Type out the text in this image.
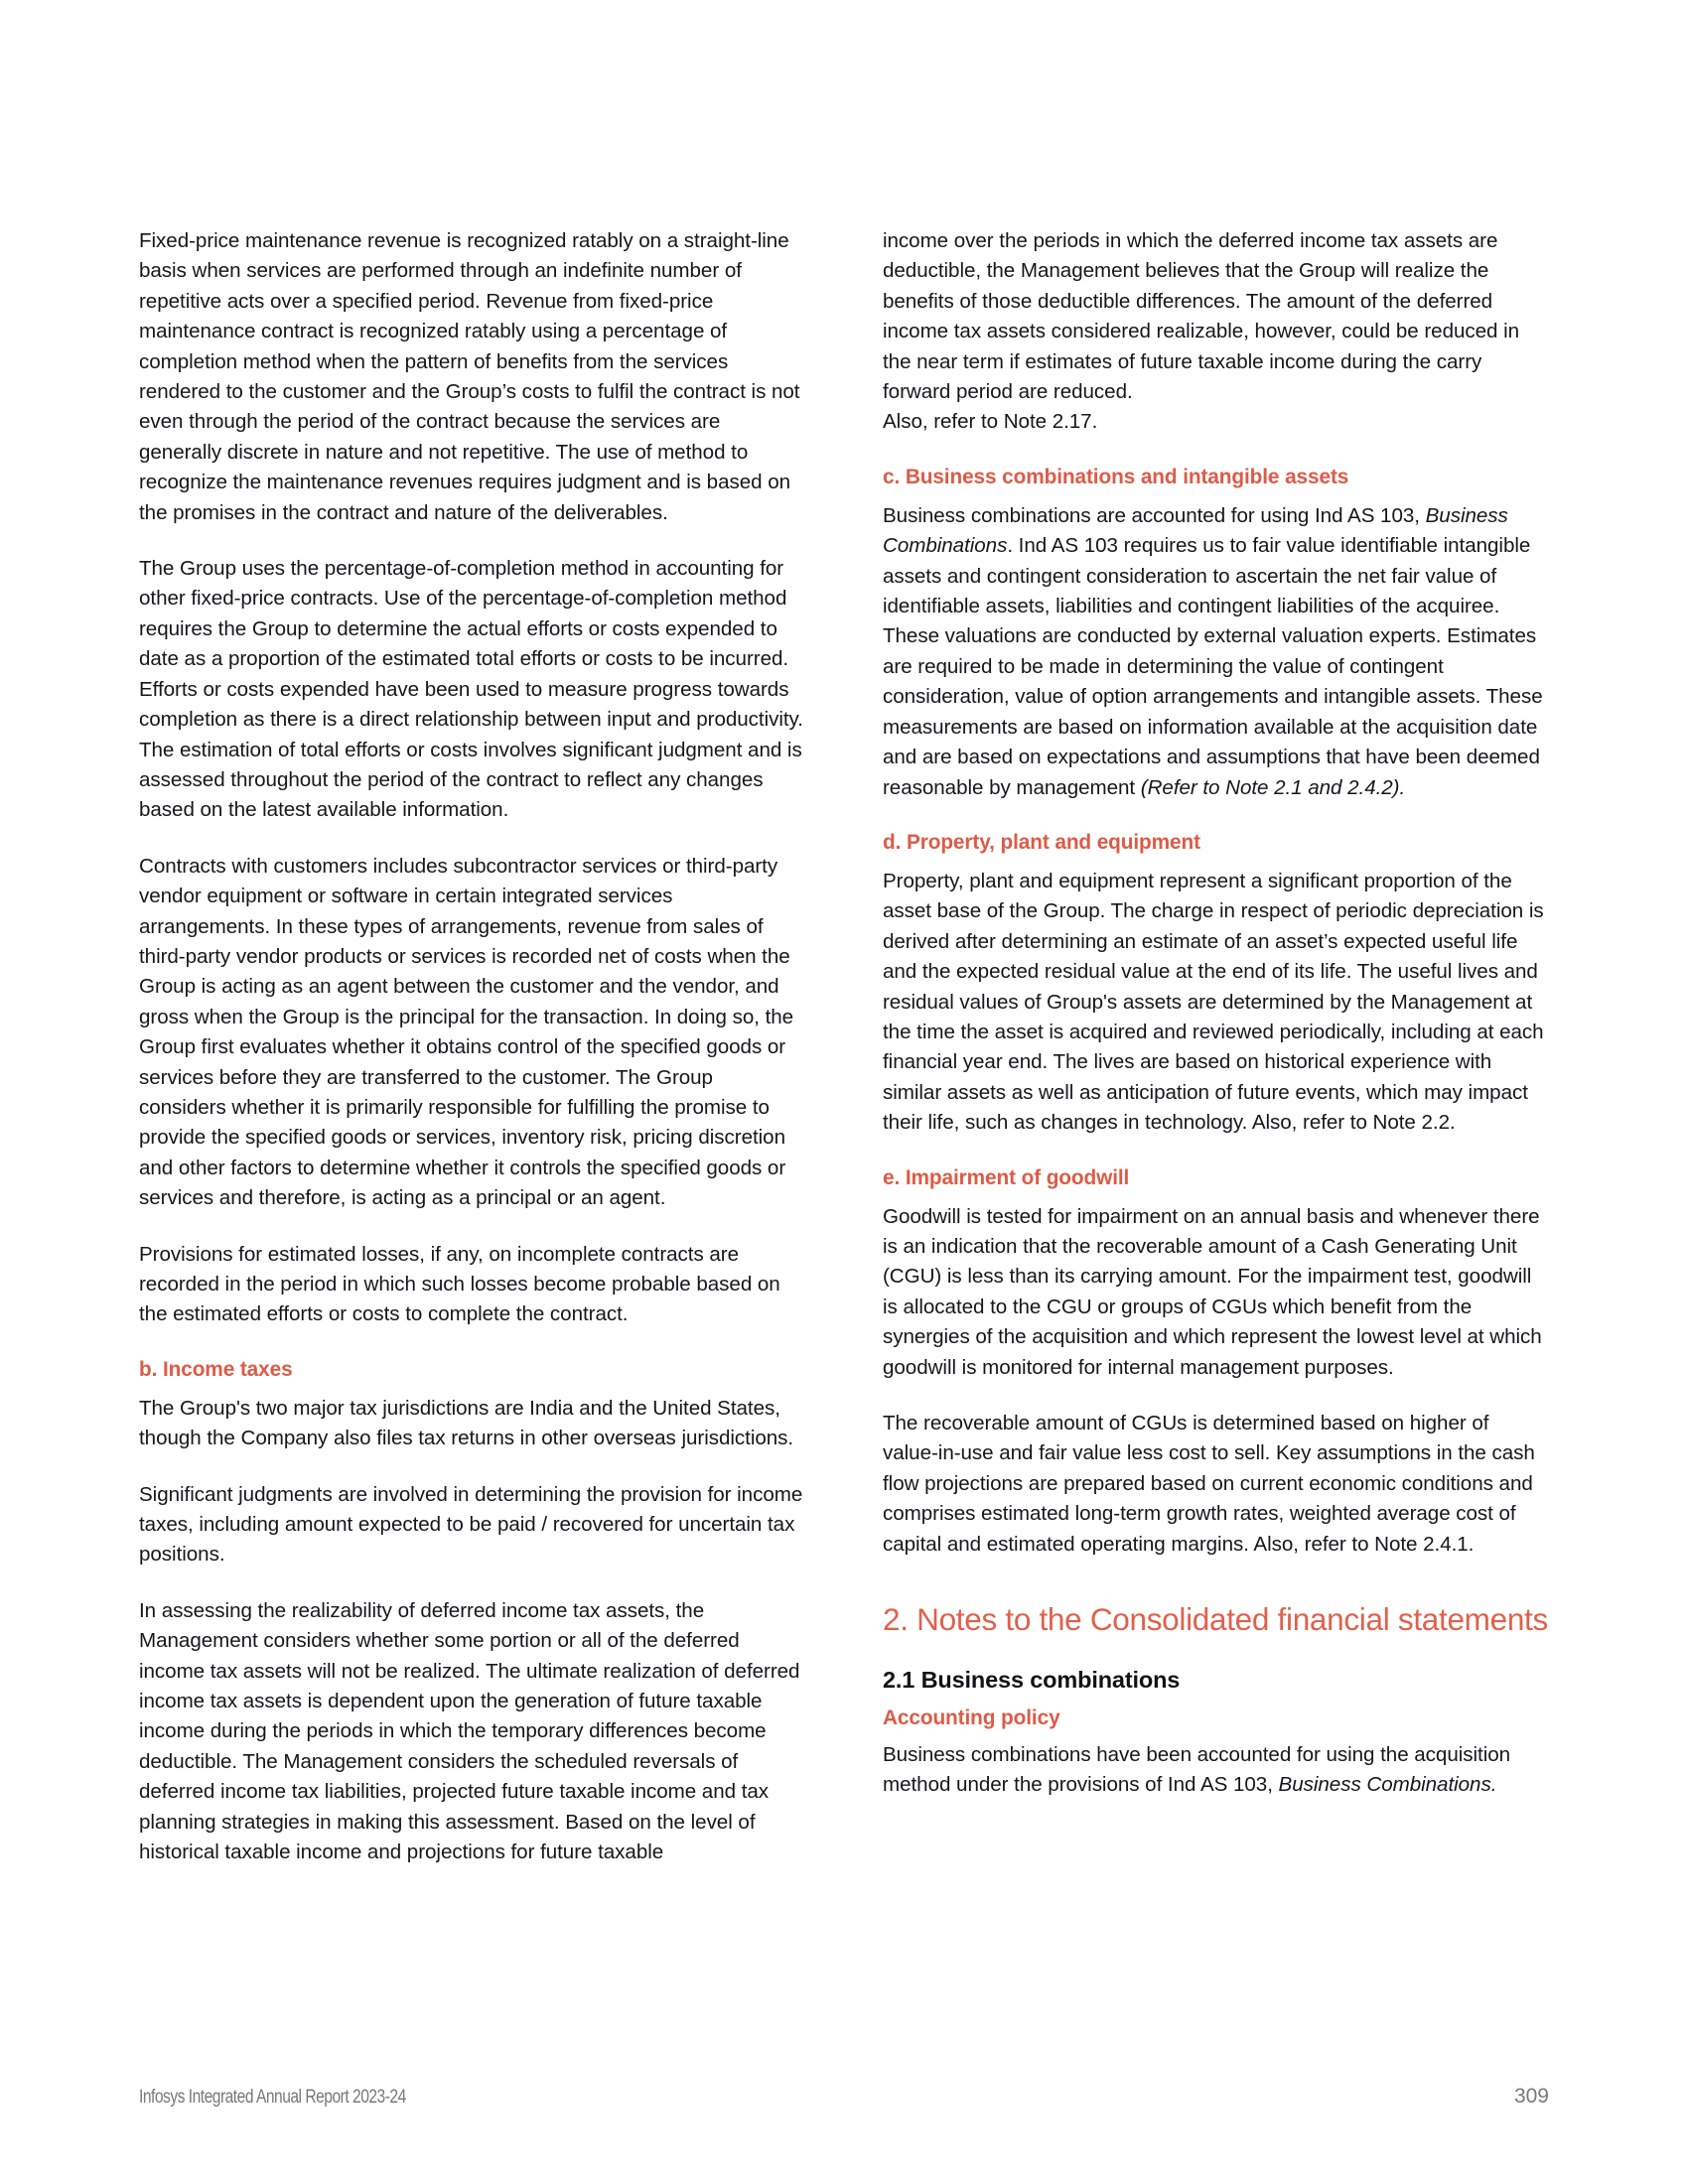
Fixed-price maintenance revenue is recognized ratably on a straight-line basis when services are performed through an indefinite number of repetitive acts over a specified period. Revenue from fixed-price maintenance contract is recognized ratably using a percentage of completion method when the pattern of benefits from the services rendered to the customer and the Group’s costs to fulfil the contract is not even through the period of the contract because the services are generally discrete in nature and not repetitive. The use of method to recognize the maintenance revenues requires judgment and is based on the promises in the contract and nature of the deliverables.

The Group uses the percentage-of-completion method in accounting for other fixed-price contracts. Use of the percentage-of-completion method requires the Group to determine the actual efforts or costs expended to date as a proportion of the estimated total efforts or costs to be incurred. Efforts or costs expended have been used to measure progress towards completion as there is a direct relationship between input and productivity. The estimation of total efforts or costs involves significant judgment and is assessed throughout the period of the contract to reflect any changes based on the latest available information.

Contracts with customers includes subcontractor services or third-party vendor equipment or software in certain integrated services arrangements. In these types of arrangements, revenue from sales of third-party vendor products or services is recorded net of costs when the Group is acting as an agent between the customer and the vendor, and gross when the Group is the principal for the transaction. In doing so, the Group first evaluates whether it obtains control of the specified goods or services before they are transferred to the customer. The Group considers whether it is primarily responsible for fulfilling the promise to provide the specified goods or services, inventory risk, pricing discretion and other factors to determine whether it controls the specified goods or services and therefore, is acting as a principal or an agent.

Provisions for estimated losses, if any, on incomplete contracts are recorded in the period in which such losses become probable based on the estimated efforts or costs to complete the contract.

b. Income taxes

The Group's two major tax jurisdictions are India and the United States, though the Company also files tax returns in other overseas jurisdictions.

Significant judgments are involved in determining the provision for income taxes, including amount expected to be paid / recovered for uncertain tax positions.

In assessing the realizability of deferred income tax assets, the Management considers whether some portion or all of the deferred income tax assets will not be realized. The ultimate realization of deferred income tax assets is dependent upon the generation of future taxable income during the periods in which the temporary differences become deductible. The Management considers the scheduled reversals of deferred income tax liabilities, projected future taxable income and tax planning strategies in making this assessment. Based on the level of historical taxable income and projections for future taxable

income over the periods in which the deferred income tax assets are deductible, the Management believes that the Group will realize the benefits of those deductible differences. The amount of the deferred income tax assets considered realizable, however, could be reduced in the near term if estimates of future taxable income during the carry forward period are reduced.
Also, refer to Note 2.17.

c. Business combinations and intangible assets

Business combinations are accounted for using Ind AS 103, Business Combinations. Ind AS 103 requires us to fair value identifiable intangible assets and contingent consideration to ascertain the net fair value of identifiable assets, liabilities and contingent liabilities of the acquiree. These valuations are conducted by external valuation experts. Estimates are required to be made in determining the value of contingent consideration, value of option arrangements and intangible assets. These measurements are based on information available at the acquisition date and are based on expectations and assumptions that have been deemed reasonable by management (Refer to Note 2.1 and 2.4.2).

d. Property, plant and equipment

Property, plant and equipment represent a significant proportion of the asset base of the Group. The charge in respect of periodic depreciation is derived after determining an estimate of an asset’s expected useful life and the expected residual value at the end of its life. The useful lives and residual values of Group's assets are determined by the Management at the time the asset is acquired and reviewed periodically, including at each financial year end. The lives are based on historical experience with similar assets as well as anticipation of future events, which may impact their life, such as changes in technology. Also, refer to Note 2.2.

e. Impairment of goodwill

Goodwill is tested for impairment on an annual basis and whenever there is an indication that the recoverable amount of a Cash Generating Unit (CGU) is less than its carrying amount. For the impairment test, goodwill is allocated to the CGU or groups of CGUs which benefit from the synergies of the acquisition and which represent the lowest level at which goodwill is monitored for internal management purposes.

The recoverable amount of CGUs is determined based on higher of value-in-use and fair value less cost to sell. Key assumptions in the cash flow projections are prepared based on current economic conditions and comprises estimated long-term growth rates, weighted average cost of capital and estimated operating margins. Also, refer to Note 2.4.1.

2. Notes to the Consolidated financial statements
2.1 Business combinations
Accounting policy

Business combinations have been accounted for using the acquisition method under the provisions of Ind AS 103, Business Combinations.

Infosys Integrated Annual Report 2023-24	309
